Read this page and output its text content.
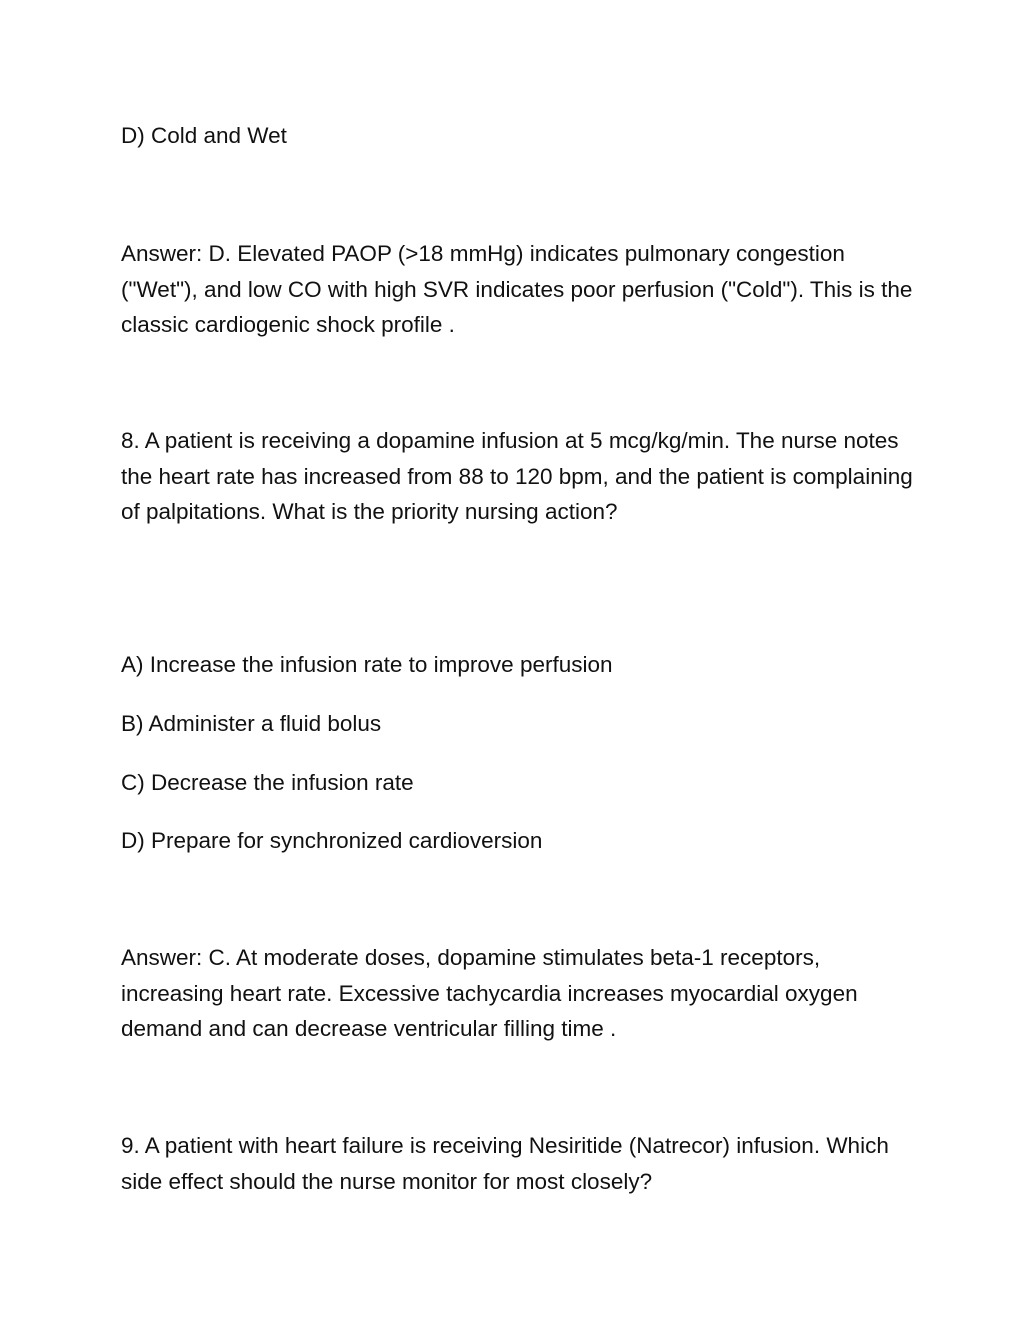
D) Cold and Wet

Answer: D. Elevated PAOP (>18 mmHg) indicates pulmonary congestion ("Wet"), and low CO with high SVR indicates poor perfusion ("Cold"). This is the classic cardiogenic shock profile .

8. A patient is receiving a dopamine infusion at 5 mcg/kg/min. The nurse notes the heart rate has increased from 88 to 120 bpm, and the patient is complaining of palpitations. What is the priority nursing action?

A) Increase the infusion rate to improve perfusion

B) Administer a fluid bolus

C) Decrease the infusion rate

D) Prepare for synchronized cardioversion

Answer: C. At moderate doses, dopamine stimulates beta-1 receptors, increasing heart rate. Excessive tachycardia increases myocardial oxygen demand and can decrease ventricular filling time .

9. A patient with heart failure is receiving Nesiritide (Natrecor) infusion. Which side effect should the nurse monitor for most closely?
